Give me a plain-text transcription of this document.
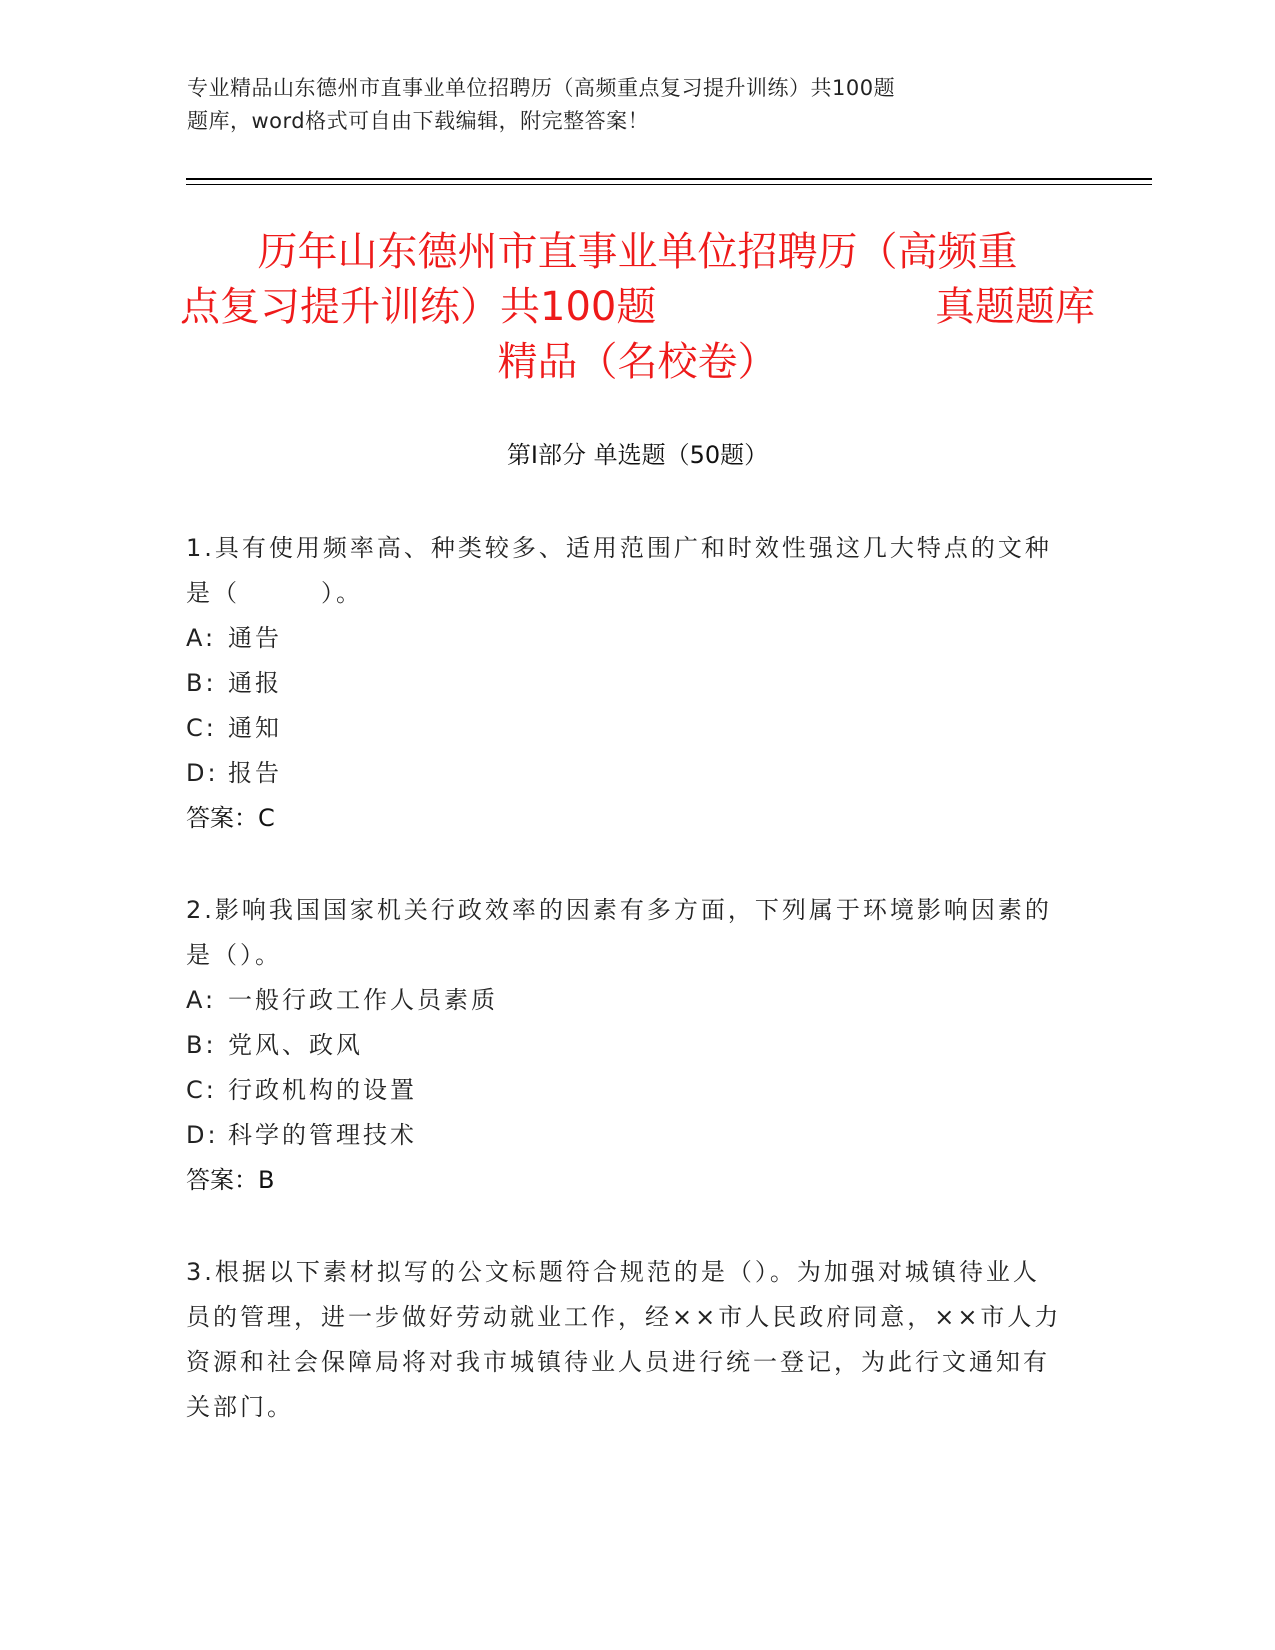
专业精品山东德州市直事业单位招聘历（高频重点复习提升训练）共100题
题库，word格式可自由下载编辑，附完整答案！
历年山东德州市直事业单位招聘历（高频重
点复习提升训练）共100题	真题题库
精品（名校卷）
第I部分 单选题（50题）

1.具有使用频率高、种类较多、适用范围广和时效性强这几大特点的文种是（　　　）。

A: 通告
B: 通报
C: 通知
D: 报告
答案：C

2.影响我国国家机关行政效率的因素有多方面，下列属于环境影响因素的是（）。

A: 一般行政工作人员素质
B: 党风、政风
C: 行政机构的设置
D: 科学的管理技术
答案：B

3.根据以下素材拟写的公文标题符合规范的是（）。为加强对城镇待业人员的管理，进一步做好劳动就业工作，经××市人民政府同意，××市人力资源和社会保障局将对我市城镇待业人员进行统一登记，为此行文通知有关部门。
